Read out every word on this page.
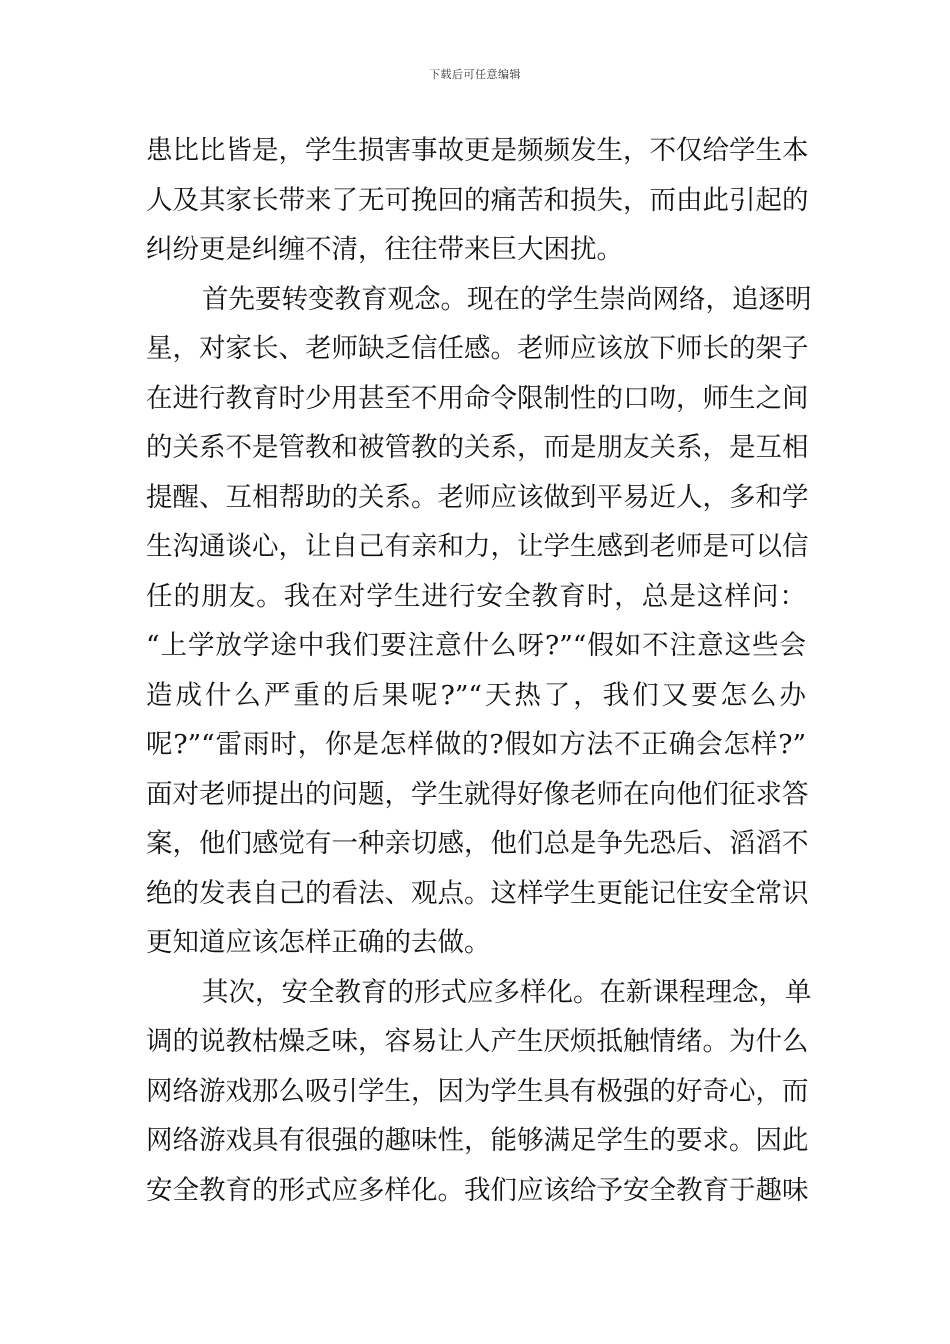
下载后可任意编辑
患比比皆是，学生损害事故更是频频发生，不仅给学生本
人及其家长带来了无可挽回的痛苦和损失，而由此引起的
纠纷更是纠缠不清，往往带来巨大困扰。
首先要转变教育观念。现在的学生崇尚网络，追逐明
星，对家长、老师缺乏信任感。老师应该放下师长的架子
在进行教育时少用甚至不用命令限制性的口吻，师生之间
的关系不是管教和被管教的关系，而是朋友关系，是互相
提醒、互相帮助的关系。老师应该做到平易近人，多和学
生沟通谈心，让自己有亲和力，让学生感到老师是可以信
任的朋友。我在对学生进行安全教育时，总是这样问：
“上学放学途中我们要注意什么呀?”“假如不注意这些会
造成什么严重的后果呢?”“天热了，我们又要怎么办
呢?”“雷雨时，你是怎样做的?假如方法不正确会怎样?”
面对老师提出的问题，学生就得好像老师在向他们征求答
案，他们感觉有一种亲切感，他们总是争先恐后、滔滔不
绝的发表自己的看法、观点。这样学生更能记住安全常识
更知道应该怎样正确的去做。
其次，安全教育的形式应多样化。在新课程理念，单
调的说教枯燥乏味，容易让人产生厌烦抵触情绪。为什么
网络游戏那么吸引学生，因为学生具有极强的好奇心，而
网络游戏具有很强的趣味性，能够满足学生的要求。因此
安全教育的形式应多样化。我们应该给予安全教育于趣味
